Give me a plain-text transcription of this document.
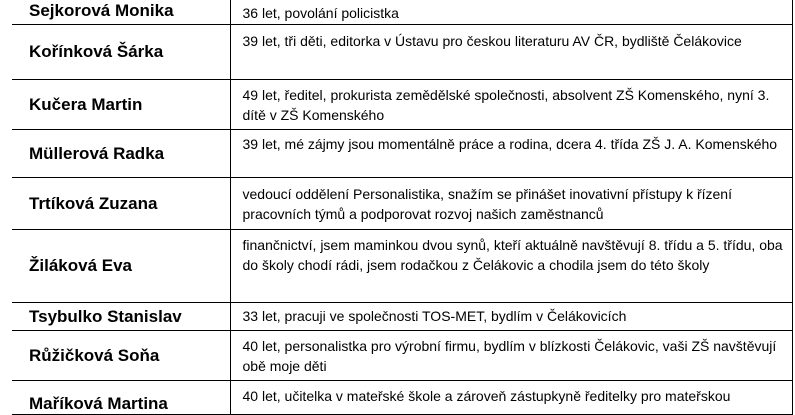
Sejkorová Monika	36 let, povolání policistka
Kořínková Šárka	39 let, tři děti, editorka v Ústavu pro českou literaturu AV ČR, bydliště Čelákovice
Kučera Martin	49 let, ředitel, prokurista zemědělské společnosti, absolvent ZŠ Komenského, nyní 3. dítě v ZŠ Komenského
Müllerová Radka	39 let, mé zájmy jsou momentálně práce a rodina, dcera 4. třída ZŠ J. A. Komenského
Trtíková Zuzana	vedoucí oddělení Personalistika, snažím se přinášet inovativní přístupy k řízení pracovních týmů a podporovat rozvoj našich zaměstnanců
Žiláková Eva	finančnictví, jsem maminkou dvou synů, kteří aktuálně navštěvují 8. třídu a 5. třídu, oba do školy chodí rádi, jsem rodačkou z Čelákovic a chodila jsem do této školy
Tsybulko Stanislav	33 let, pracuji ve společnosti TOS-MET, bydlím v Čelákovicích
Růžičková Soňa	40 let, personalistka pro výrobní firmu, bydlím v blízkosti Čelákovic, vaši ZŠ navštěvují obě moje děti
Maříková Martina	40 let, učitelka v mateřské škole a zároveň zástupkyně ředitelky pro mateřskou
